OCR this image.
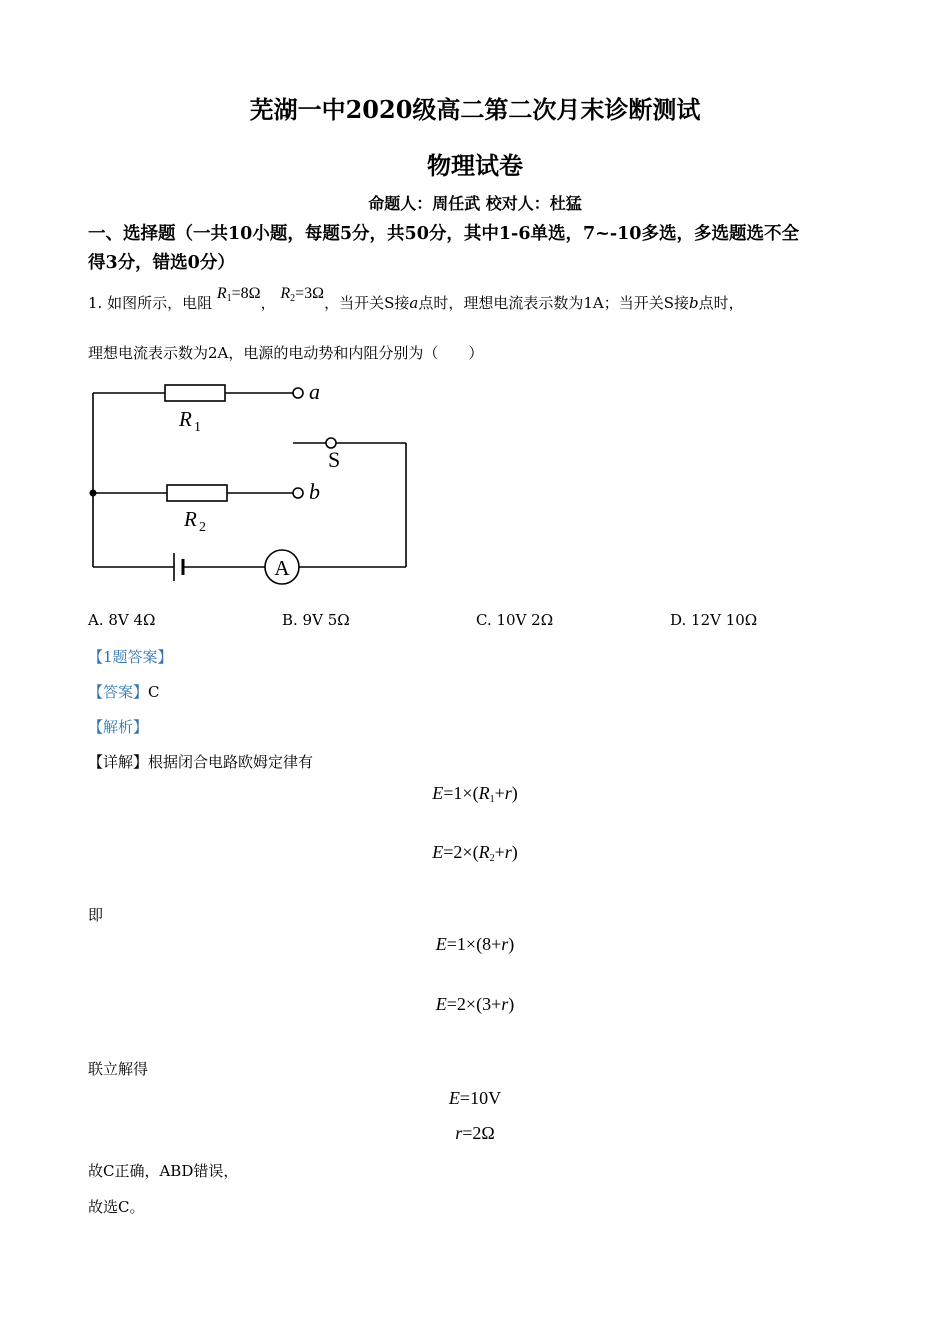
芜湖一中2020级高二第二次月末诊断测试
物理试卷
命题人：周任武 校对人：杜猛
一、选择题（一共10小题，每题5分，共50分，其中1-6单选，7~-10多选，多选题选不全
得3分，错选0分）
1. 如图所示，电阻 $R_1=8\Omega$， $R_2=3\Omega$，当开关S接a点时，理想电流表示数为1A；当开关S接b点时，
理想电流表示数为2A，电源的电动势和内阻分别为（　　）
a
b
R 1
R 2
S
A
A. 8V 4Ω	B. 9V 5Ω	C. 10V 2Ω	D. 12V 10Ω
【1题答案】
【答案】C
【解析】
【详解】根据闭合电路欧姆定律有
$E=1\times(R_1+r)$
$E=2\times(R_2+r)$
即
E=1×(8+r)
E=2×(3+r)
联立解得
E=10V
r=2Ω
故C正确，ABD错误，
故选C。
